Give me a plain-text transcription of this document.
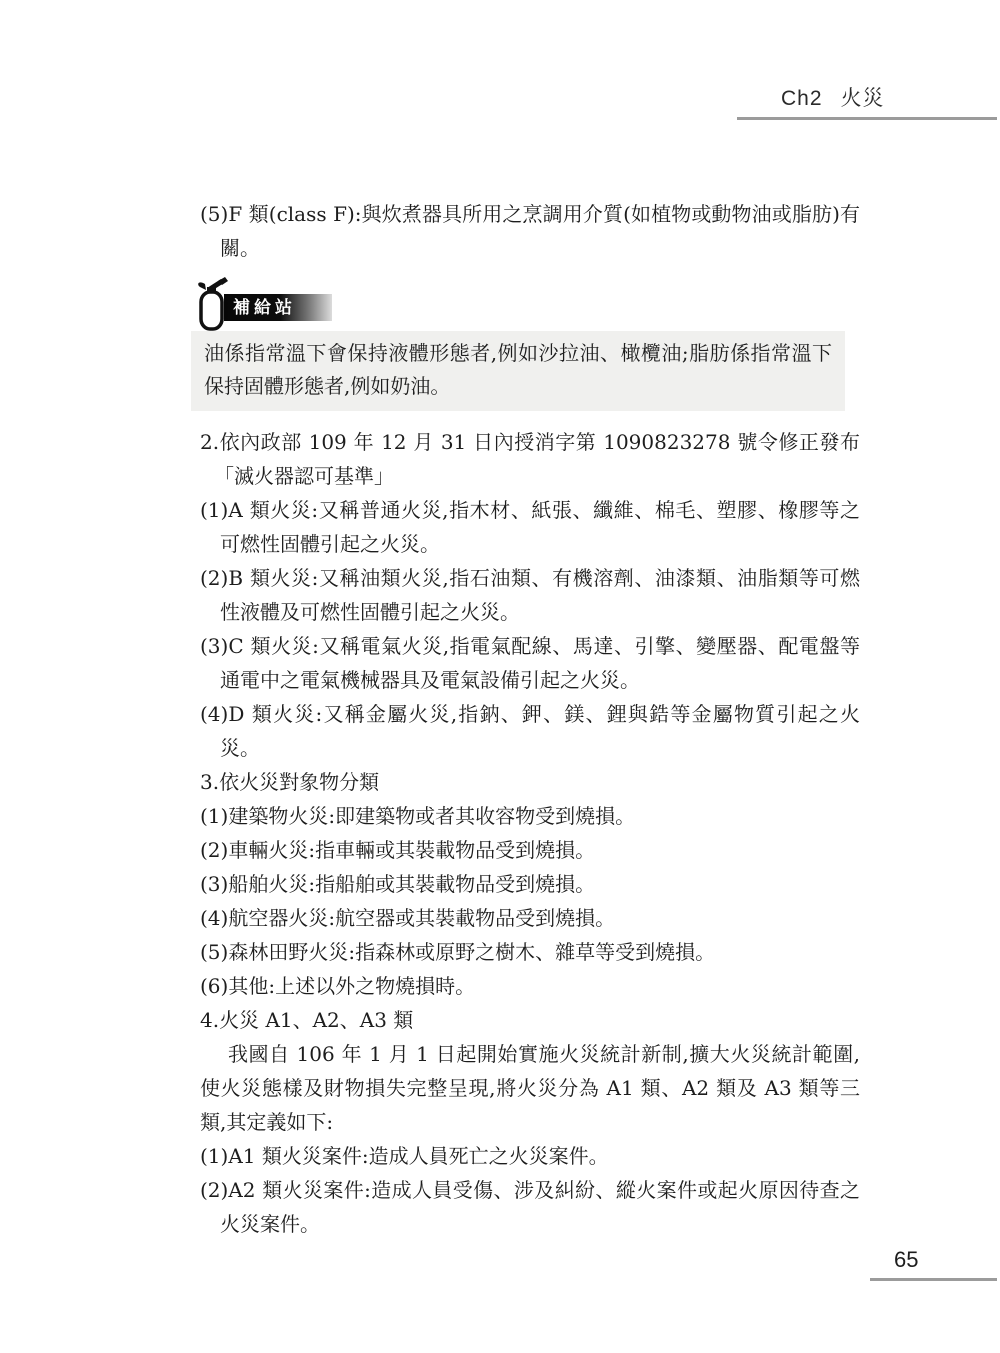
Ch2 火災

(5)F 類(class F):與炊煮器具所用之烹調用介質(如植物或動物油或脂肪)有關。

補給站
油係指常溫下會保持液體形態者,例如沙拉油、橄欖油;脂肪係指常溫下保持固體形態者,例如奶油。

2.依內政部 109 年 12 月 31 日內授消字第 1090823278 號令修正發布「滅火器認可基準」

(1)A 類火災:又稱普通火災,指木材、紙張、纖維、棉毛、塑膠、橡膠等之可燃性固體引起之火災。

(2)B 類火災:又稱油類火災,指石油類、有機溶劑、油漆類、油脂類等可燃性液體及可燃性固體引起之火災。

(3)C 類火災:又稱電氣火災,指電氣配線、馬達、引擎、變壓器、配電盤等通電中之電氣機械器具及電氣設備引起之火災。

(4)D 類火災:又稱金屬火災,指鈉、鉀、鎂、鋰與鋯等金屬物質引起之火災。

3.依火災對象物分類

(1)建築物火災:即建築物或者其收容物受到燒損。

(2)車輛火災:指車輛或其裝載物品受到燒損。

(3)船舶火災:指船舶或其裝載物品受到燒損。

(4)航空器火災:航空器或其裝載物品受到燒損。

(5)森林田野火災:指森林或原野之樹木、雜草等受到燒損。

(6)其他:上述以外之物燒損時。

4.火災 A1、A2、A3 類

我國自 106 年 1 月 1 日起開始實施火災統計新制,擴大火災統計範圍,使火災態樣及財物損失完整呈現,將火災分為 A1 類、A2 類及 A3 類等三類,其定義如下:

(1)A1 類火災案件:造成人員死亡之火災案件。

(2)A2 類火災案件:造成人員受傷、涉及糾紛、縱火案件或起火原因待查之火災案件。

65
